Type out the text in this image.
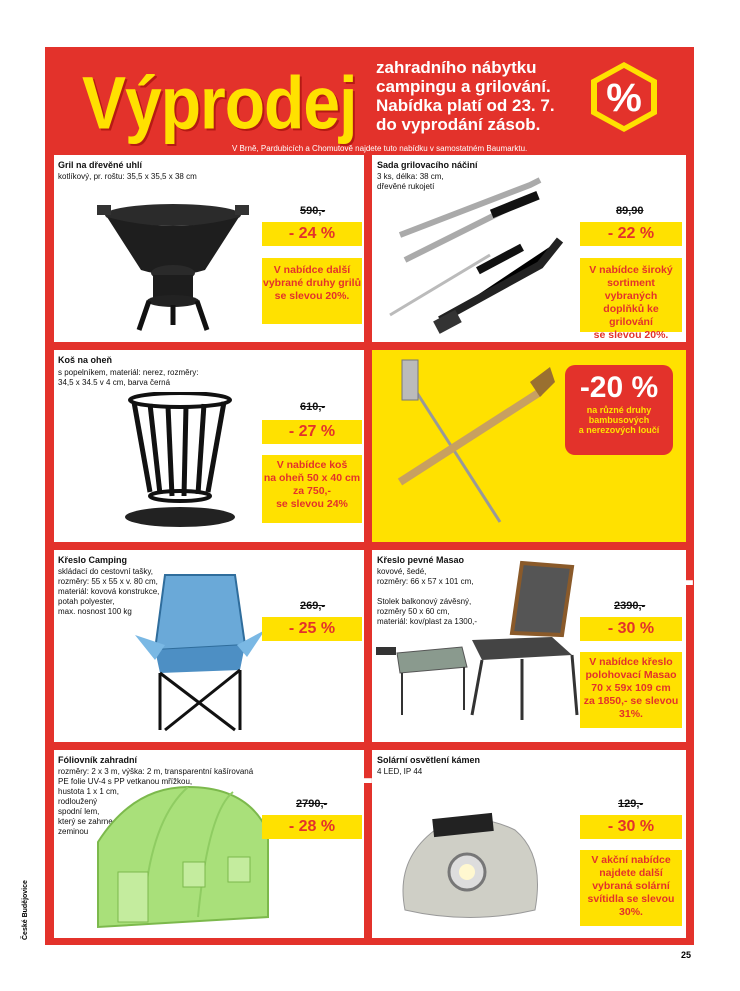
Výprodej zahradního nábytku
campingu a grilování.
Nabídka platí od 23. 7.
do vyprodání zásob.
V Brně, Pardubicích a Chomutově najdete tuto nabídku v samostatném Baumarktu.
%
Gril na dřevěné uhlí
kotlíkový, pr. roštu: 35,5 x 35,5 x 38 cm 450,-
590,-
- 24 %
V nabídce další
vybrané druhy grilů
se slevou 20%.
Sada grilovacího náčiní
3 ks, délka: 38 cm,
dřevěné rukojetí	70,-
89,90
- 22 %
V nabídce široký
sortiment vybraných
doplňků ke grilování
se slevou 20%.
Koš na oheň
s popelníkem, materiál: nerez, rozměry:
34,5 x 34.5 v 4 cm, barva černá	450,-
610,-
- 27 %
V nabídce koš
na oheň 50 x 40 cm
za 750,-
se slevou 24%
-20 %
na různé druhy
bambusových
a nerezových loučí
Křeslo Camping
skládací do cestovní tašky,
rozměry: 55 x 55 x v. 80 cm,
materiál: kovová konstrukce,
potah polyester,
max. nosnost 100 kg
200,-
269,-
- 25 %
Křeslo pevné Masao
kovové, šedé,
rozměry: 66 x 57 x 101 cm,

Stolek balkonový závěsný,
rozměry 50 x 60 cm,
materiál: kov/plast za 1300,-
1650,-
2390,-
- 30 %
V nabídce křeslo
polohovací Masao
70 x 59x 109 cm
za 1850,- se slevou
31%.
Fóliovník zahradní
rozměry: 2 x 3 m, výška: 2 m, transparentní kašírovaná
PE folie UV-4 s PP vetkanou mřížkou,
hustota 1 x 1 cm,
rodloužený
spodní lem,
který se zahrne
zeminou
2000,-
2790,-
- 28 %
Solární osvětlení kámen
4 LED, IP 44	90,-
129,-
- 30 %
V akční nabídce
najdete další
vybraná solární
svítidla se slevou
30%.
25
České Budějovice
